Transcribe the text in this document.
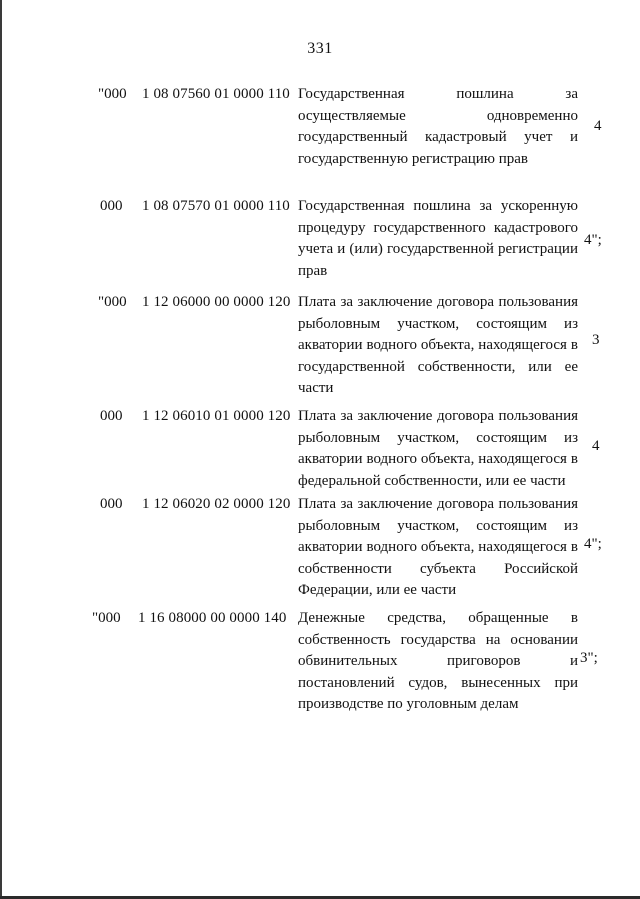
331
"000 1 08 07560 01 0000 110 Государственная пошлина за
осуществляемые одновременно
государственный кадастровый учет и
государственную регистрацию прав
4
000 1 08 07570 01 0000 110 Государственная пошлина за ускоренную
процедуру государственного кадастрового
учета и (или) государственной регистрации
прав
4";
"000 1 12 06000 00 0000 120 Плата за заключение договора пользования
рыболовным участком, состоящим из
акватории водного объекта, находящегося в
государственной собственности, или ее
части
3
000 1 12 06010 01 0000 120 Плата за заключение договора пользования
рыболовным участком, состоящим из
акватории водного объекта, находящегося в
федеральной собственности, или ее части
4
000 1 12 06020 02 0000 120 Плата за заключение договора пользования
рыболовным участком, состоящим из
акватории водного объекта, находящегося в
собственности субъекта Российской
Федерации, или ее части
4";
"000 1 16 08000 00 0000 140 Денежные средства, обращенные в
собственность государства на основании
обвинительных приговоров и
постановлений судов, вынесенных при
производстве по уголовным делам
3";
